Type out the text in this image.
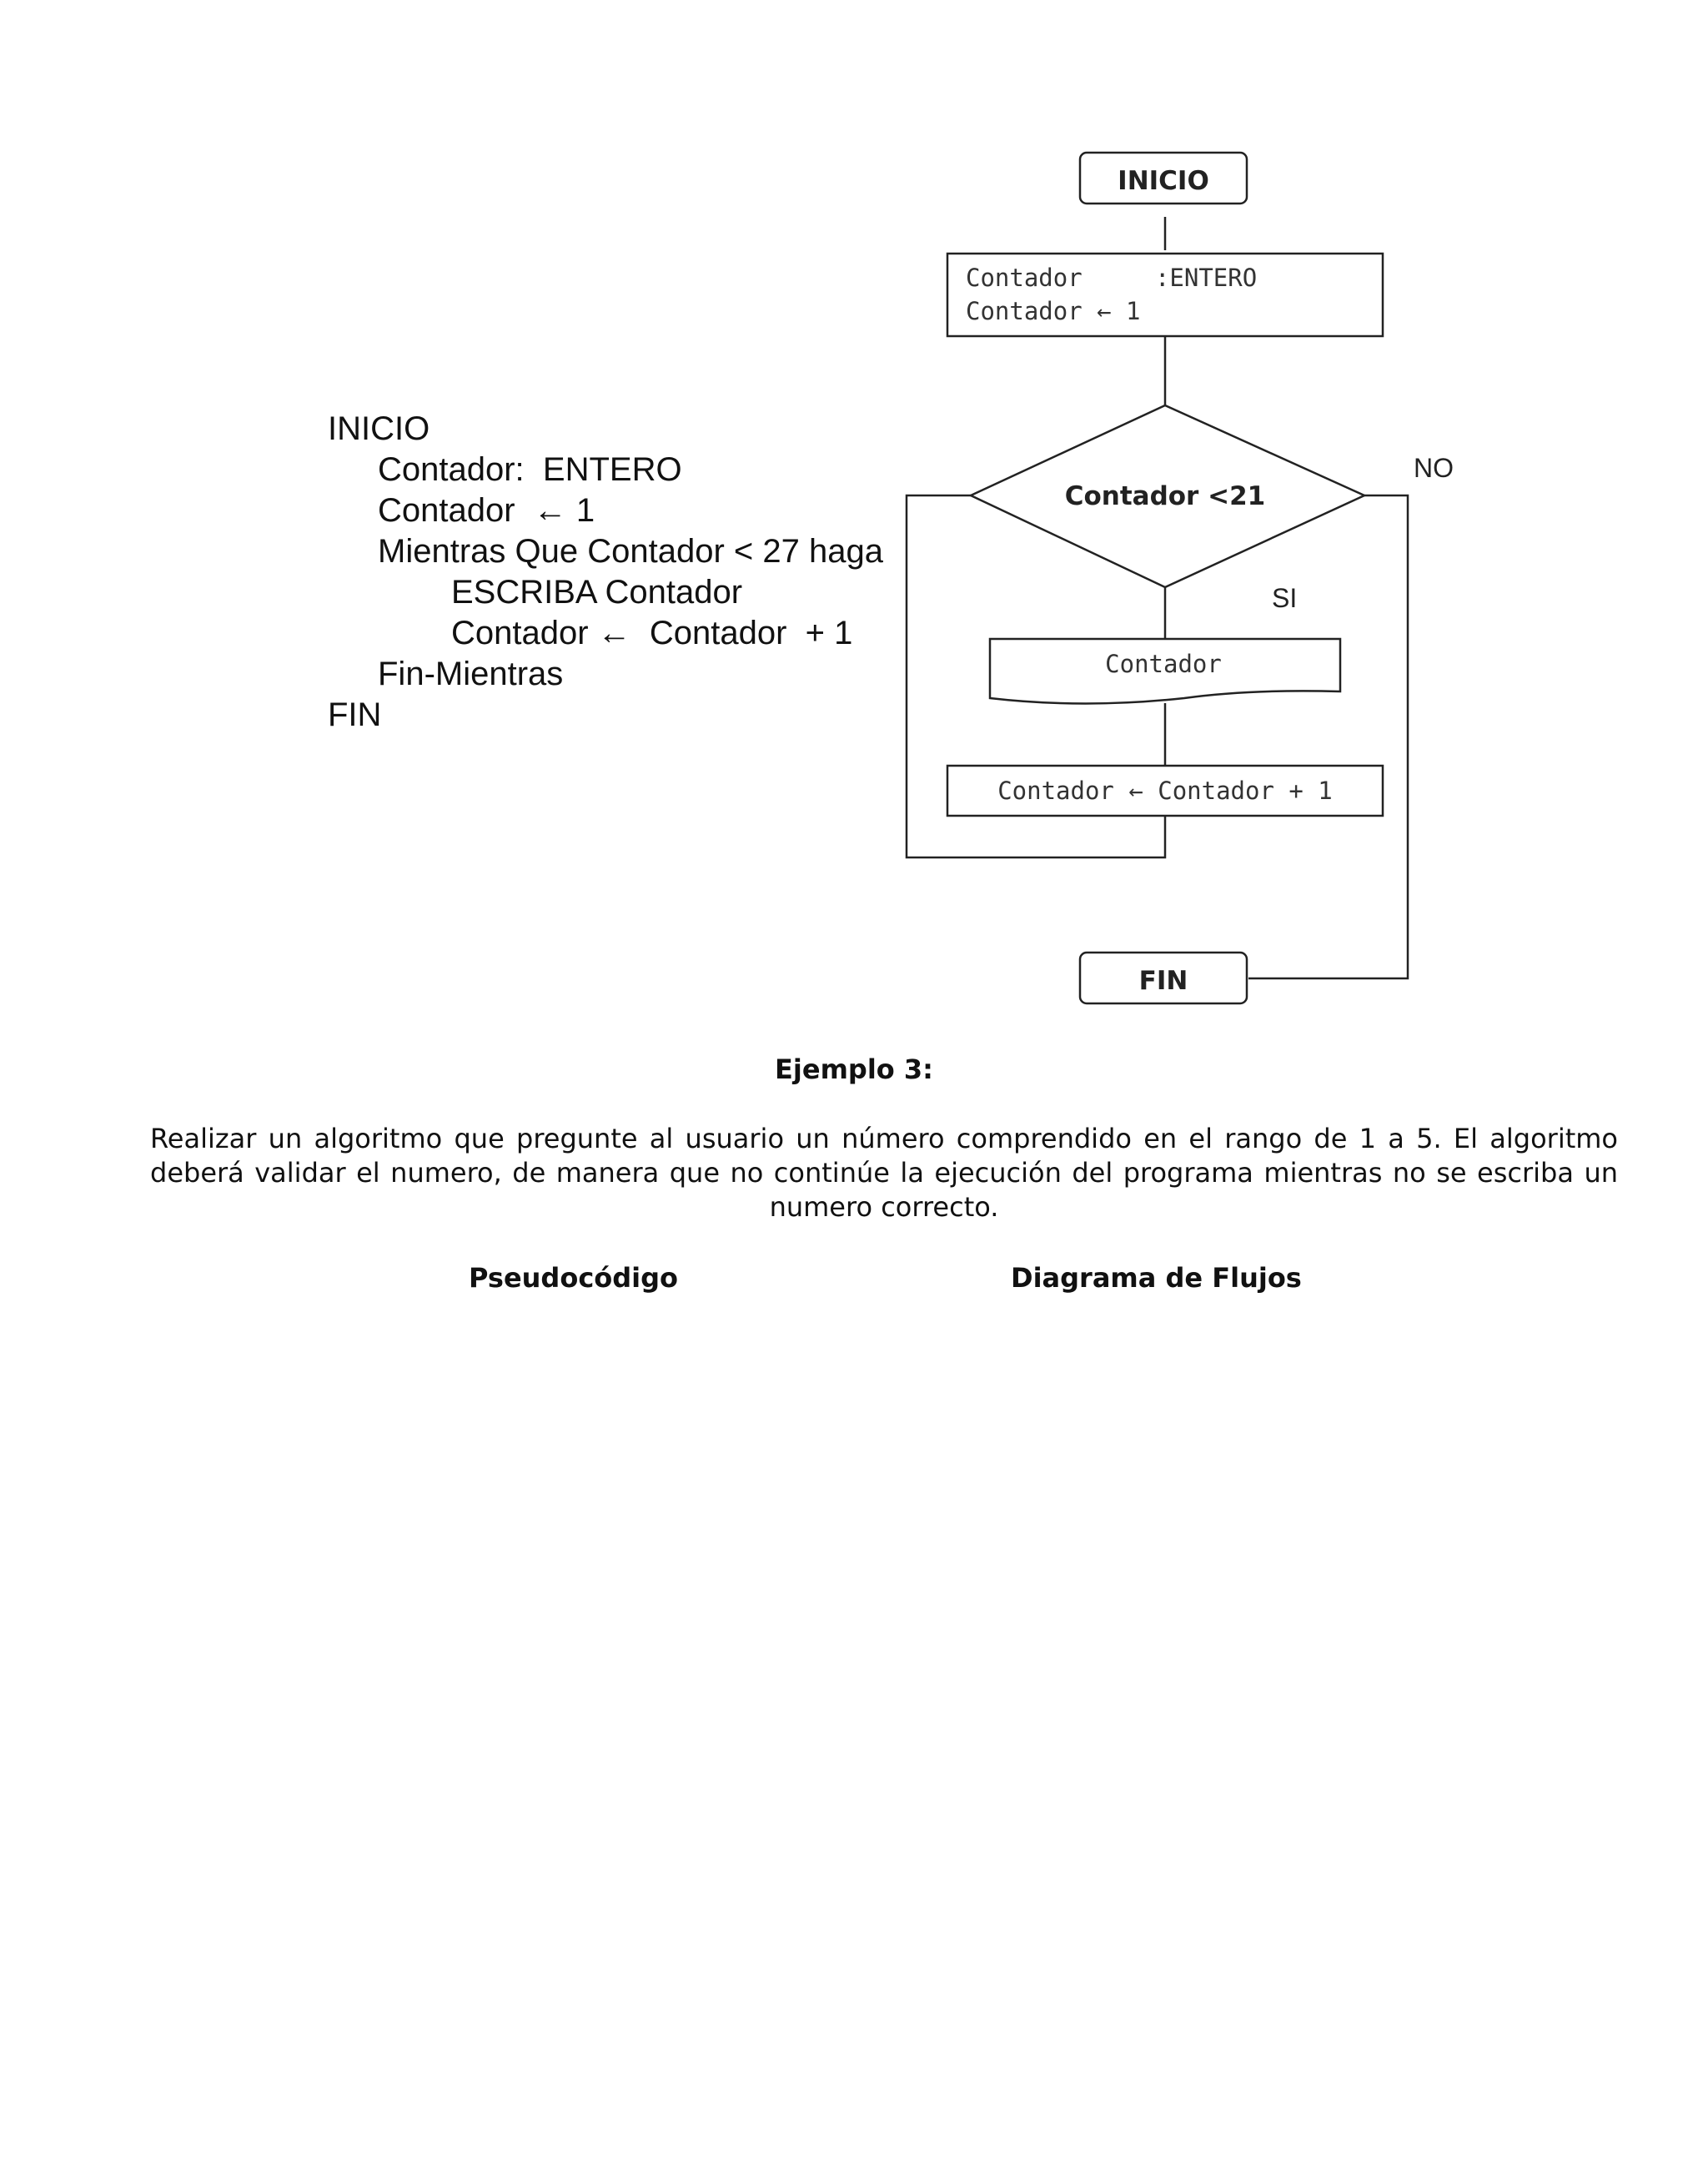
INICIO
Contador:  ENTERO
Contador  ← 1
Mientras Que Contador < 27 haga
ESCRIBA Contador
Contador ←  Contador  + 1
Fin-Mientras
FIN
INICIO
Contador     :ENTERO
Contador ← 1
Contador <21
NO
SI
Contador
Contador ← Contador + 1
FIN
Ejemplo 3:
Realizar un algoritmo que pregunte al usuario un número comprendido en el rango de 1 a 5. El algoritmo deberá validar el numero, de manera que no continúe la ejecución del programa mientras no se escriba un numero correcto.
Pseudocódigo	Diagrama de Flujos
